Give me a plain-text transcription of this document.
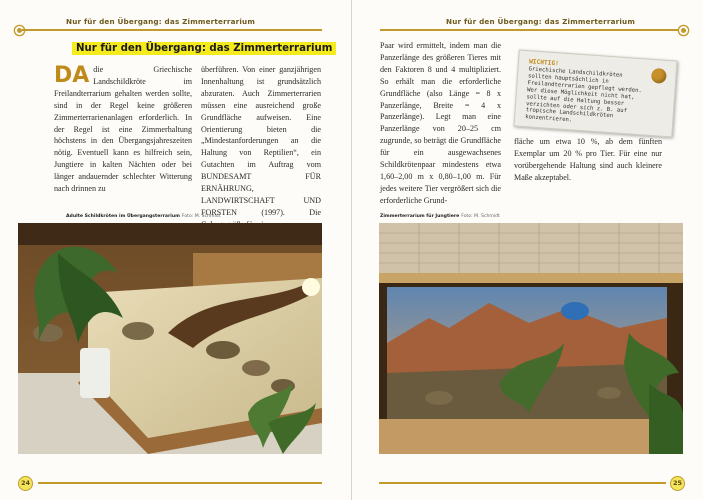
Nur für den Übergang: das Zimmerterrarium
Nur für den Übergang: das Zimmerterrarium

DA die Griechische Landschildkröte im Freilandterrarium gehalten werden sollte, sind in der Regel keine größeren Zimmerterrarienanlagen erforderlich. In der Regel ist eine Zimmerhaltung höchstens in den Übergangsjahreszeiten nötig. Eventuell kann es hilfreich sein, Jungtiere in kalten Nächten oder bei länger andauernder schlechter Witterung nach drinnen zu

überführen. Von einer ganzjährigen Innenhaltung ist grundsätzlich abzuraten. Auch Zimmerterrarien müssen eine ausreichend große Grundfläche aufweisen. Eine Orientierung bieten die „Mindestanforderungen an die Haltung von Reptilien“, ein Gutachten im Auftrag vom BUNDESAMT FÜR ERNÄHRUNG, LANDWIRTSCHAFT UND FORSTEN (1997). Die

Adulte Schildkröten im Übergangsterrarium Foto: M. Schmidt
24
Nur für den Übergang: das Zimmerterrarium

Paar wird ermittelt, indem man die Panzerlänge des größeren Tieres mit den Faktoren 8 und 4 multipliziert. So erhält man die erforderliche Grundfläche (also Länge = 8 x Panzerlänge, Breite = 4 x Panzerlänge). Legt man eine Panzerlänge von 20–25 cm zugrunde, so beträgt die Grundfläche für ein ausgewachsenes Schildkrötenpaar mindestens etwa 1,60–2,00 m x 0,80–1,00 m. Für jedes weitere Tier vergrößert sich die erforderliche Grund-

fläche um etwa 10 %, ab dem fünften Exemplar um 20 % pro Tier. Für eine nur vorübergehende Haltung sind auch kleinere Maße akzeptabel.

Zimmerterrarium für Jungtiere Foto: M. Schmidt
25
WICHTIG!

Griechische Landschildkröten sollten hauptsächlich in Freilandterrarien gepflegt werden. Wer diese Möglichkeit nicht hat, sollte auf die Haltung besser verzichten oder sich z. B. auf tropische Landschildkröten konzentrieren.
